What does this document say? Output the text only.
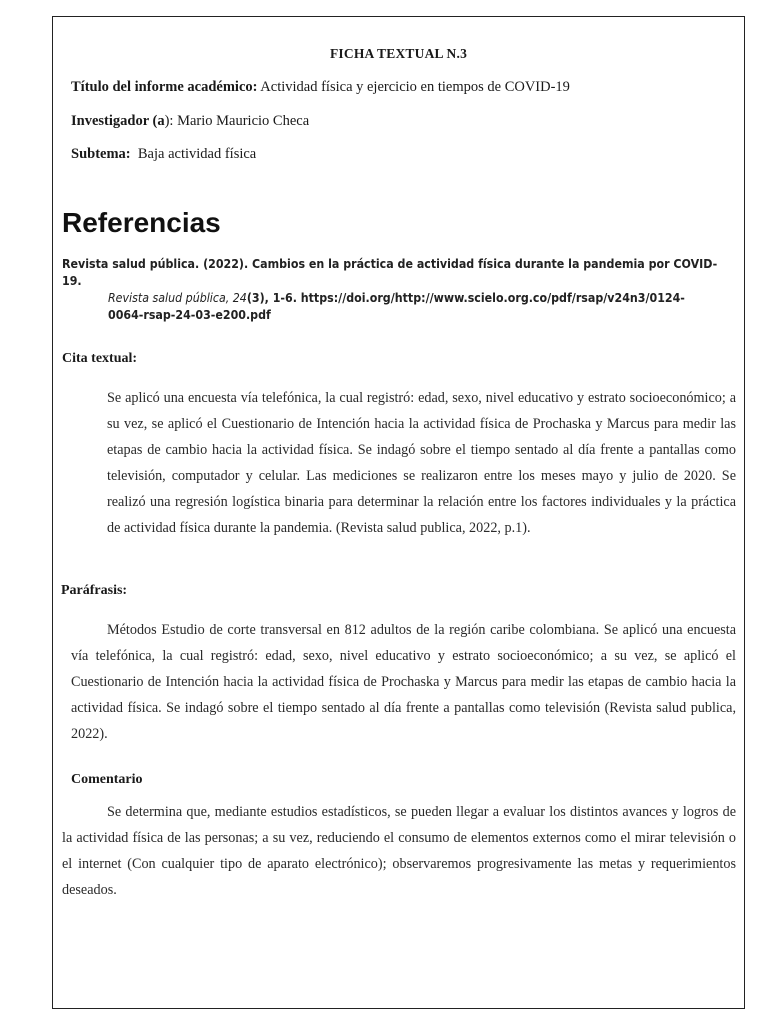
FICHA TEXTUAL N.3
Título del informe académico: Actividad física y ejercicio en tiempos de COVID-19
Investigador (a): Mario Mauricio Checa
Subtema: Baja actividad física
Referencias
Revista salud pública. (2022). Cambios en la práctica de actividad física durante la pandemia por COVID-19.
Revista salud pública, 24(3), 1-6. https://doi.org/http://www.scielo.org.co/pdf/rsap/v24n3/0124-
0064-rsap-24-03-e200.pdf
Cita textual:
Se aplicó una encuesta vía telefónica, la cual registró: edad, sexo, nivel educativo y estrato socioeconómico; a su vez, se aplicó el Cuestionario de Intención hacia la actividad física de Prochaska y Marcus para medir las etapas de cambio hacia la actividad física. Se indagó sobre el tiempo sentado al día frente a pantallas como televisión, computador y celular. Las mediciones se realizaron entre los meses mayo y julio de 2020. Se realizó una regresión logística binaria para determinar la relación entre los factores individuales y la práctica de actividad física durante la pandemia. (Revista salud publica, 2022, p.1).
Paráfrasis:
Métodos Estudio de corte transversal en 812 adultos de la región caribe colombiana. Se aplicó una encuesta vía telefónica, la cual registró: edad, sexo, nivel educativo y estrato socioeconómico; a su vez, se aplicó el Cuestionario de Intención hacia la actividad física de Prochaska y Marcus para medir las etapas de cambio hacia la actividad física. Se indagó sobre el tiempo sentado al día frente a pantallas como televisión (Revista salud publica, 2022).
Comentario
Se determina que, mediante estudios estadísticos, se pueden llegar a evaluar los distintos avances y logros de la actividad física de las personas; a su vez, reduciendo el consumo de elementos externos como el mirar televisión o el internet (Con cualquier tipo de aparato electrónico); observaremos progresivamente las metas y requerimientos deseados.
